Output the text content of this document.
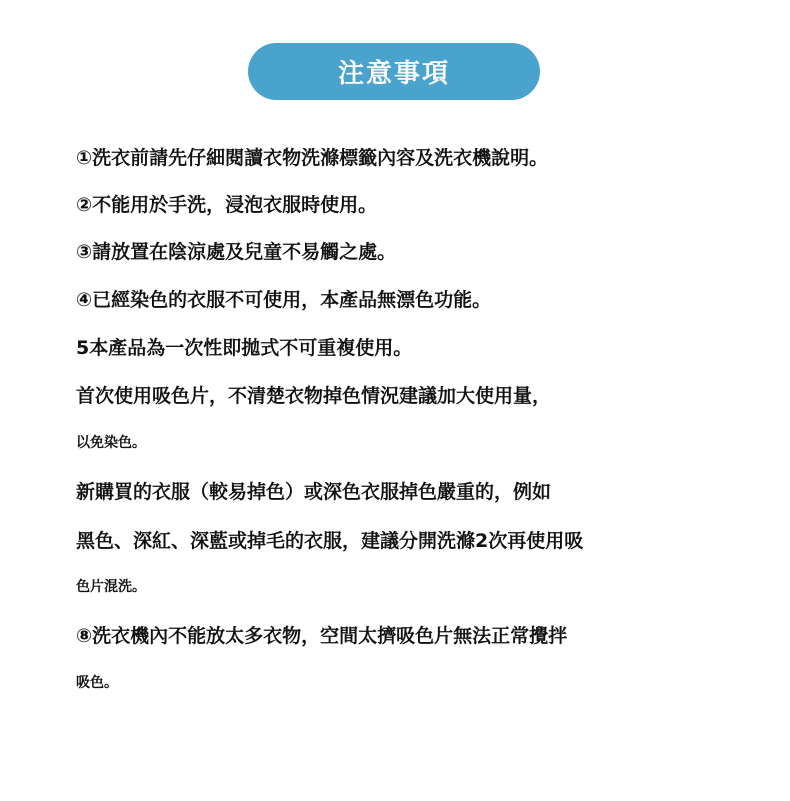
注意事項
①洗衣前請先仔細閱讀衣物洗滌標籤內容及洗衣機說明。
②不能用於手洗，浸泡衣服時使用。
③請放置在陰涼處及兒童不易觸之處。
④已經染色的衣服不可使用，本產品無漂色功能。
5本產品為一次性即拋式不可重複使用。
首次使用吸色片，不清楚衣物掉色情況建議加大使用量，
以免染色。
新購買的衣服（較易掉色）或深色衣服掉色嚴重的，例如
黑色、深紅、深藍或掉毛的衣服，建議分開洗滌2次再使用吸
色片混洗。
⑧洗衣機內不能放太多衣物，空間太擠吸色片無法正常攪拌
吸色。
